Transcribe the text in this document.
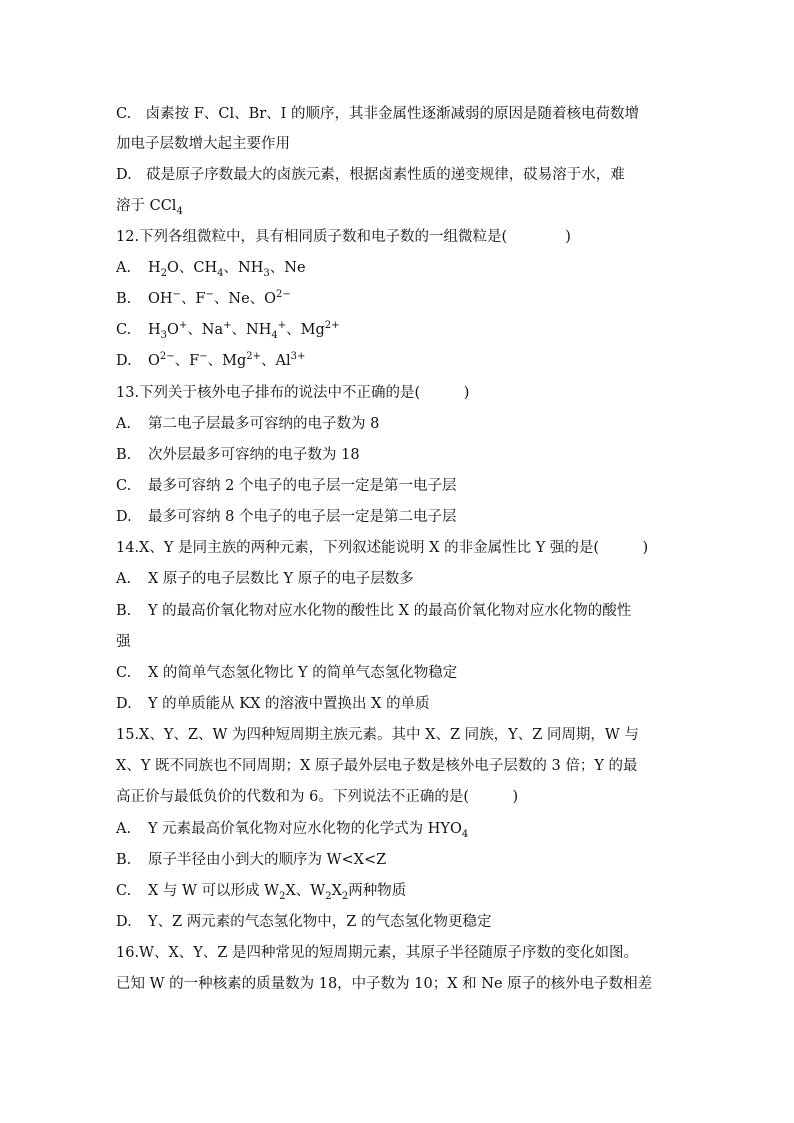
C.　卤素按 F、Cl、Br、I 的顺序，其非金属性逐渐减弱的原因是随着核电荷数增
加电子层数增大起主要作用
D.　砹是原子序数最大的卤族元素，根据卤素性质的递变规律，砹易溶于水，难
溶于 CCl$_4$
12.下列各组微粒中，具有相同质子数和电子数的一组微粒是(　　　　)
A. $H_2O$、$CH_4$、$NH_3$、Ne
B. OH−、F−、Ne、$O^{2-}$
C. $H_3O^+$、Na+、$NH_4^+$、$Mg^{2+}$
D. $O^{2-}$、F−、$Mg^{2+}$、$Al^{3+}$
13.下列关于核外电子排布的说法中不正确的是(　　　)
A. 第二电子层最多可容纳的电子数为 8
B. 次外层最多可容纳的电子数为 18
C. 最多可容纳 2 个电子的电子层一定是第一电子层
D. 最多可容纳 8 个电子的电子层一定是第二电子层
14.X、Y 是同主族的两种元素，下列叙述能说明 X 的非金属性比 Y 强的是(　　　)
A. X 原子的电子层数比 Y 原子的电子层数多
B. Y 的最高价氧化物对应水化物的酸性比 X 的最高价氧化物对应水化物的酸性
强
C. X 的简单气态氢化物比 Y 的简单气态氢化物稳定
D. Y 的单质能从 KX 的溶液中置换出 X 的单质
15.X、Y、Z、W 为四种短周期主族元素。其中 X、Z 同族，Y、Z 同周期，W 与
X、Y 既不同族也不同周期；X 原子最外层电子数是核外电子层数的 3 倍；Y 的最
高正价与最低负价的代数和为 6。下列说法不正确的是(　　　)
A. Y 元素最高价氧化物对应水化物的化学式为 $HYO_4$
B. 原子半径由小到大的顺序为 W<X<Z
C. X 与 W 可以形成 $W_2X$、$W_2X_2$两种物质
D. Y、Z 两元素的气态氢化物中，Z 的气态氢化物更稳定
16.W、X、Y、Z 是四种常见的短周期元素，其原子半径随原子序数的变化如图。
已知 W 的一种核素的质量数为 18，中子数为 10；X 和 Ne 原子的核外电子数相差
